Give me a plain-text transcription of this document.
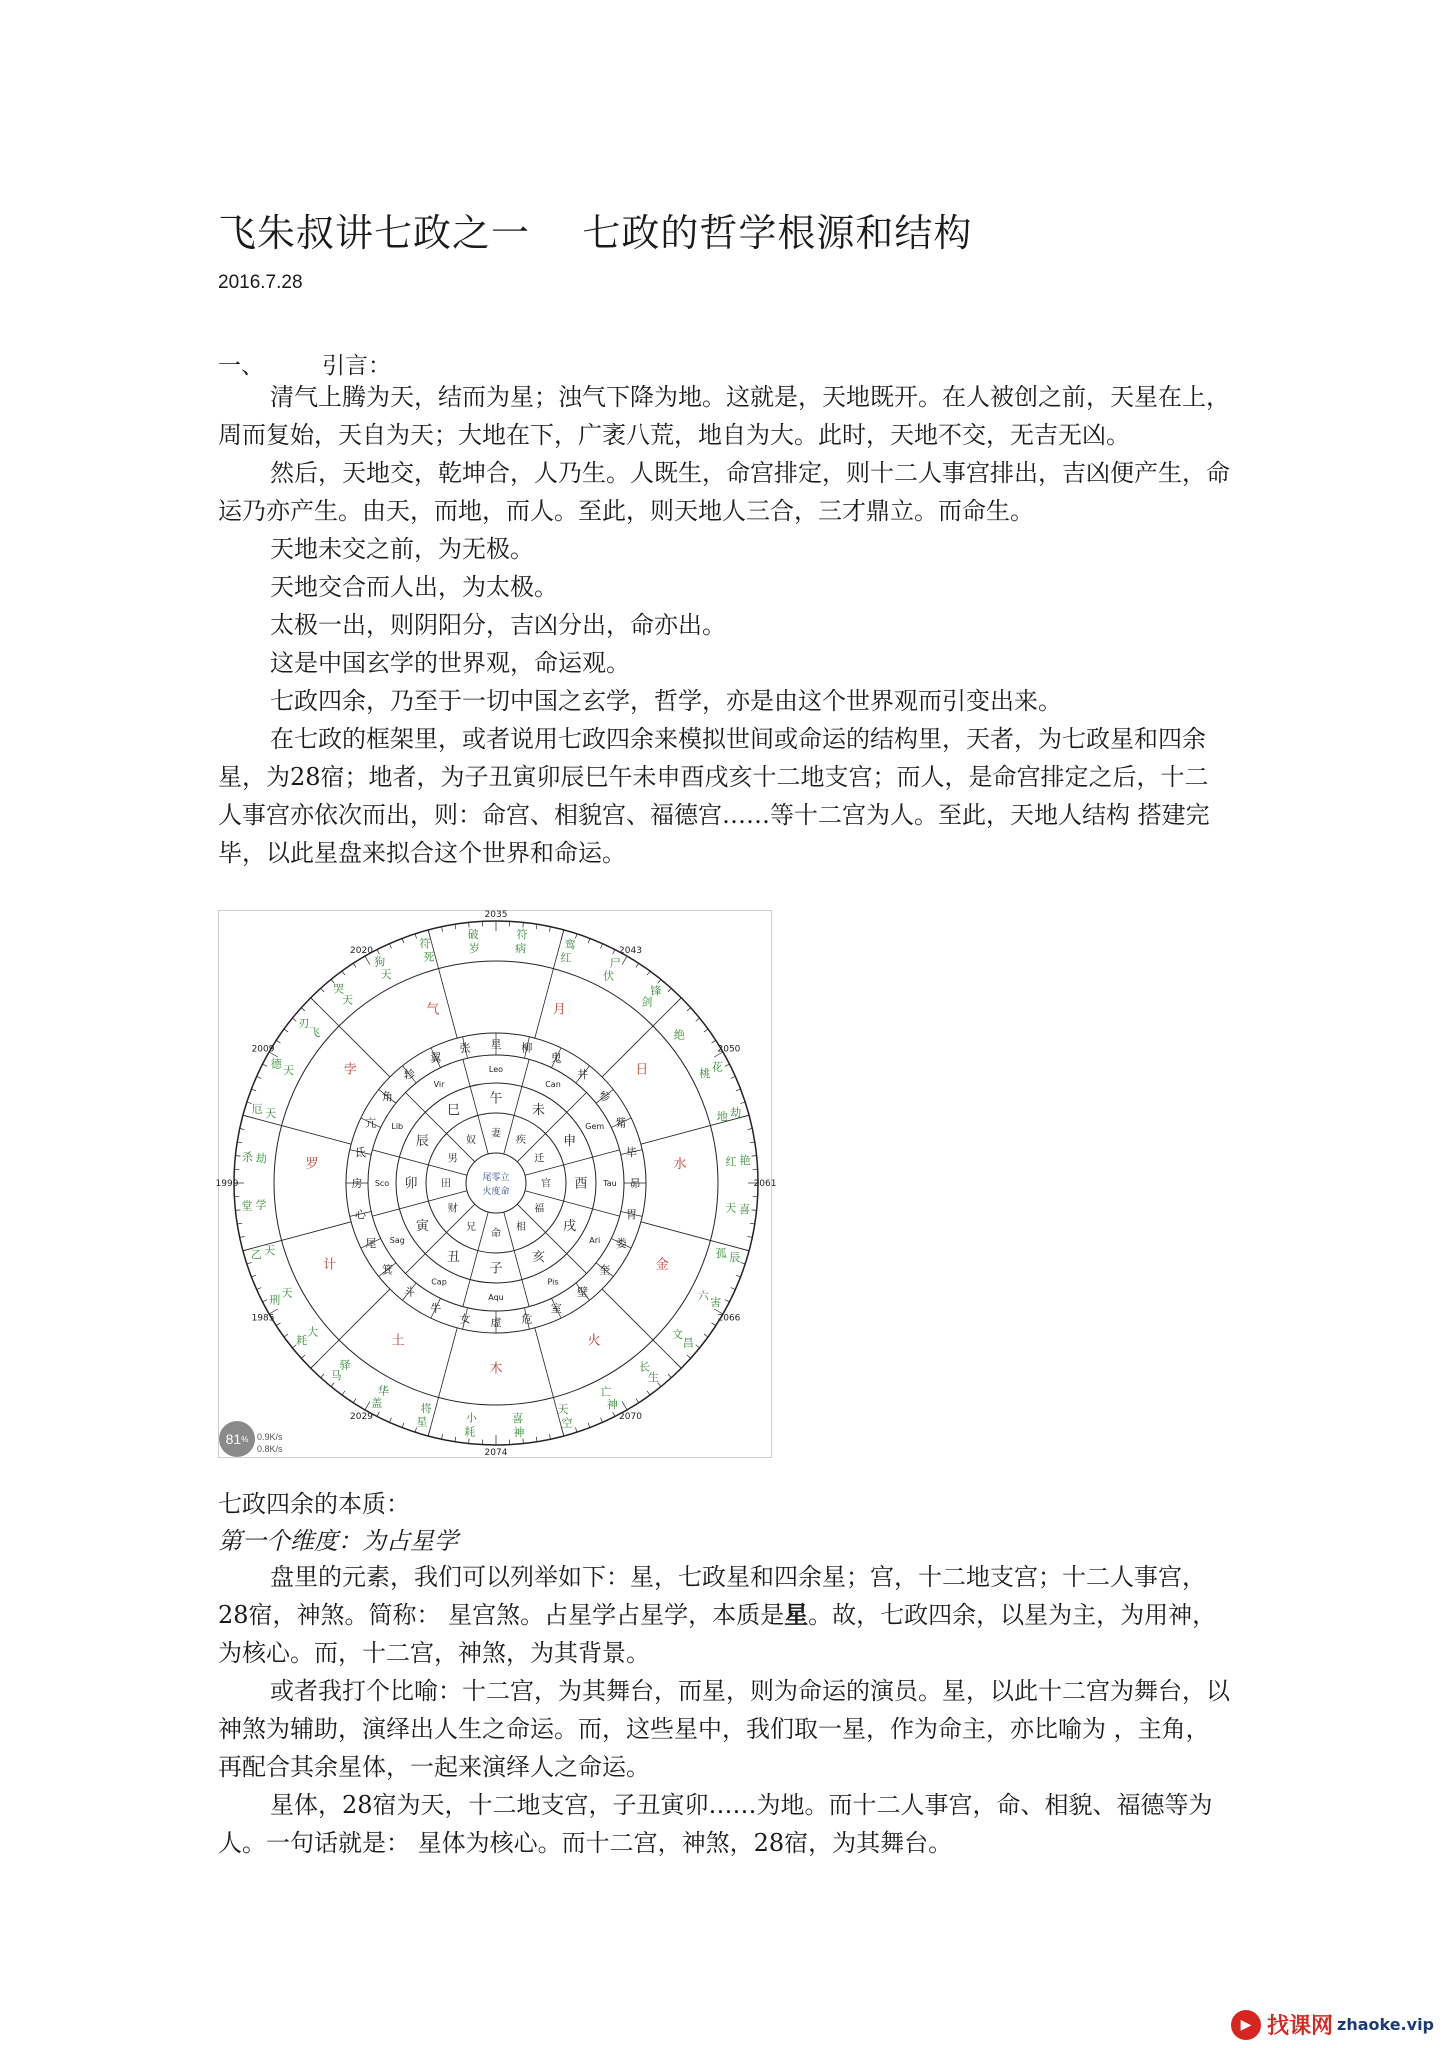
飞朱叔讲七政之一    七政的哲学根源和结构
2016.7.28
一、	引言：

清气上腾为天，结而为星；浊气下降为地。这就是，天地既开。在人被创之前，天星在上，周而复始，天自为天；大地在下，广袤八荒，地自为大。此时，天地不交，无吉无凶。

然后，天地交，乾坤合，人乃生。人既生，命宫排定，则十二人事宫排出，吉凶便产生，命运乃亦产生。由天，而地，而人。至此，则天地人三合，三才鼎立。而命生。

天地未交之前，为无极。

天地交合而人出，为太极。

太极一出，则阴阳分，吉凶分出，命亦出。

这是中国玄学的世界观，命运观。

七政四余，乃至于一切中国之玄学，哲学，亦是由这个世界观而引变出来。

在七政的框架里，或者说用七政四余来模拟世间或命运的结构里，天者，为七政星和四余星，为28宿；地者，为子丑寅卯辰巳午未申酉戌亥十二地支宫；而人，是命宫排定之后，十二人事宫亦依次而出，则：命宫、相貌宫、福德宫……等十二宫为人。至此，天地人结构 搭建完毕，以此星盘来拟合这个世界和命运。

2035
2043
2050
2061
2066
2070
2074
2029
1985
1999
2009
2020
虚
女
牛
斗
箕
尾
心
房
氐
亢
角
轸
翼
张 星 柳
鬼
井
参
觜
毕
昴
胃
娄
奎
壁
室
危
Leo
Can
Gem
Tau
Ari
Pis
Aqu
Cap
Sag
Sco
Lib
Vir
子
丑
寅
卯
辰
巳
午
未
申
酉
戌
亥
命
兄
财
田
男
奴
妻
疾
迁
官
福
相
月
日
水
金
火
木
土
计
罗
孛
气
病
符
红
鸾
伏
尸
剑
锋
绝
桃
花
地 劫
红 艳
天 喜
孤 辰
六
害
文
昌
长
生
亡
神
天
空
喜
神
小
耗
将
星
华
盖
驿
马
大
耗
天
刑
天
乙
学
堂
劫
杀
天
厄
天
德
飞
刃
天
哭
天
狗	死
符	岁
破
尾零立
火度命
81 % 0.9K/s
0.8K/s
七政四余的本质：
第一个维度：为占星学

盘里的元素，我们可以列举如下：星，七政星和四余星；宫，十二地支宫；十二人事宫，28宿，神煞。简称： 星宫煞。占星学占星学，本质是星。故，七政四余，以星为主，为用神，为核心。而，十二宫，神煞，为其背景。

或者我打个比喻：十二宫，为其舞台，而星，则为命运的演员。星，以此十二宫为舞台，以神煞为辅助，演绎出人生之命运。而，这些星中，我们取一星，作为命主，亦比喻为 ，主角，再配合其余星体，一起来演绎人之命运。

星体，28宿为天，十二地支宫，子丑寅卯……为地。而十二人事宫，命、相貌、福德等为人。一句话就是： 星体为核心。而十二宫，神煞，28宿，为其舞台。

▶ 找课网 zhaoke.vip
